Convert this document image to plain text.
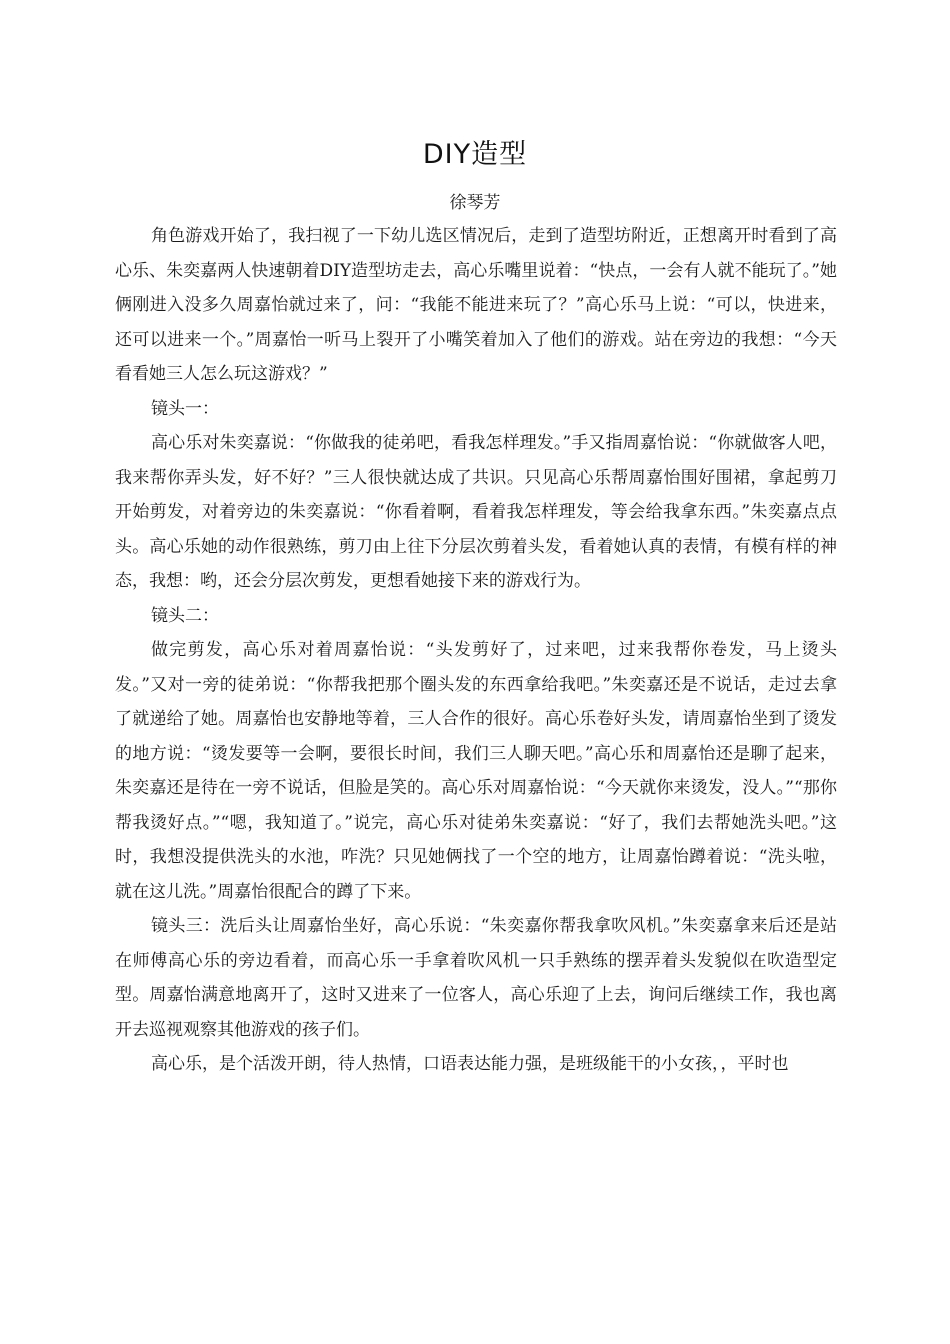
DIY造型
徐琴芳

角色游戏开始了，我扫视了一下幼儿选区情况后，走到了造型坊附近，正想离开时看到了高心乐、朱奕嘉两人快速朝着DIY造型坊走去，高心乐嘴里说着：“快点，一会有人就不能玩了。”她俩刚进入没多久周嘉怡就过来了，问：“我能不能进来玩了？”高心乐马上说：“可以，快进来，还可以进来一个。”周嘉怡一听马上裂开了小嘴笑着加入了他们的游戏。站在旁边的我想：“今天看看她三人怎么玩这游戏？”

镜头一：

高心乐对朱奕嘉说：“你做我的徒弟吧，看我怎样理发。”手又指周嘉怡说：“你就做客人吧，我来帮你弄头发，好不好？”三人很快就达成了共识。只见高心乐帮周嘉怡围好围裙，拿起剪刀开始剪发，对着旁边的朱奕嘉说：“你看着啊，看着我怎样理发，等会给我拿东西。”朱奕嘉点点头。高心乐她的动作很熟练，剪刀由上往下分层次剪着头发，看着她认真的表情，有模有样的神态，我想：哟，还会分层次剪发，更想看她接下来的游戏行为。

镜头二：

做完剪发，高心乐对着周嘉怡说：“头发剪好了，过来吧，过来我帮你卷发，马上烫头发。”又对一旁的徒弟说：“你帮我把那个圈头发的东西拿给我吧。”朱奕嘉还是不说话，走过去拿了就递给了她。周嘉怡也安静地等着，三人合作的很好。高心乐卷好头发，请周嘉怡坐到了烫发的地方说：“烫发要等一会啊，要很长时间，我们三人聊天吧。”高心乐和周嘉怡还是聊了起来，朱奕嘉还是待在一旁不说话，但脸是笑的。高心乐对周嘉怡说：“今天就你来烫发，没人。”“那你帮我烫好点。”“嗯，我知道了。”说完，高心乐对徒弟朱奕嘉说：“好了，我们去帮她洗头吧。”这时，我想没提供洗头的水池，咋洗？只见她俩找了一个空的地方，让周嘉怡蹲着说：“洗头啦，就在这儿洗。”周嘉怡很配合的蹲了下来。

镜头三：洗后头让周嘉怡坐好，高心乐说：“朱奕嘉你帮我拿吹风机。”朱奕嘉拿来后还是站在师傅高心乐的旁边看着，而高心乐一手拿着吹风机一只手熟练的摆弄着头发貌似在吹造型定型。周嘉怡满意地离开了，这时又进来了一位客人，高心乐迎了上去，询问后继续工作，我也离开去巡视观察其他游戏的孩子们。

高心乐，是个活泼开朗，待人热情，口语表达能力强，是班级能干的小女孩，，平时也
